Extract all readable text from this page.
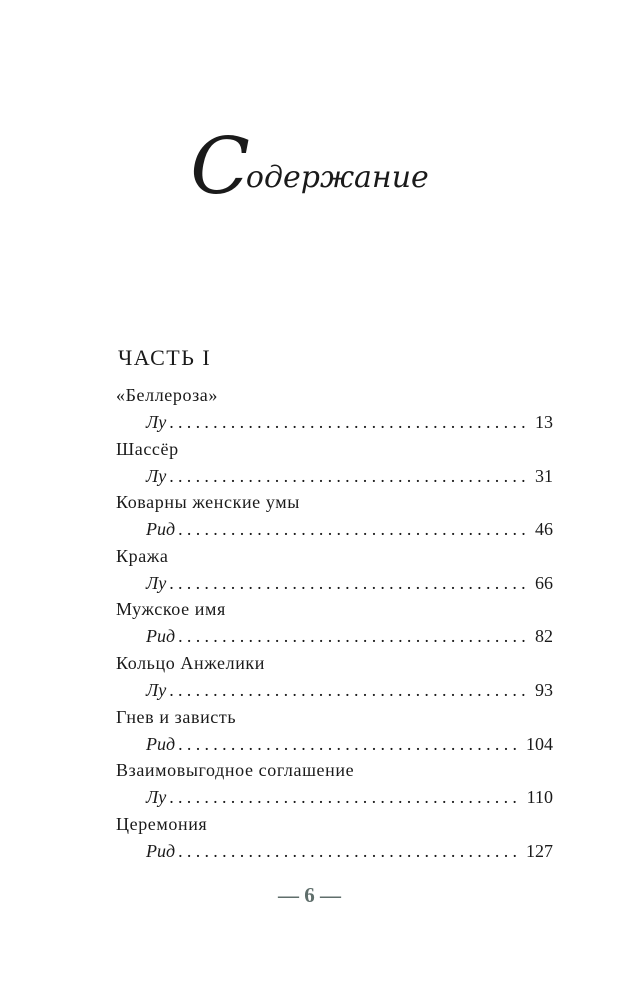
Содержание
ЧАСТЬ I
«Беллероза»
Лу .....	13
Шассёр
Лу .....	31
Коварны женские умы
Рид .....	46
Кража
Лу .....	66
Мужское имя
Рид .....	82
Кольцо Анжелики
Лу .....	93
Гнев и зависть
Рид .....	104
Взаимовыгодное соглашение
Лу .....	110
Церемония
Рид .....	127
— 6 —
